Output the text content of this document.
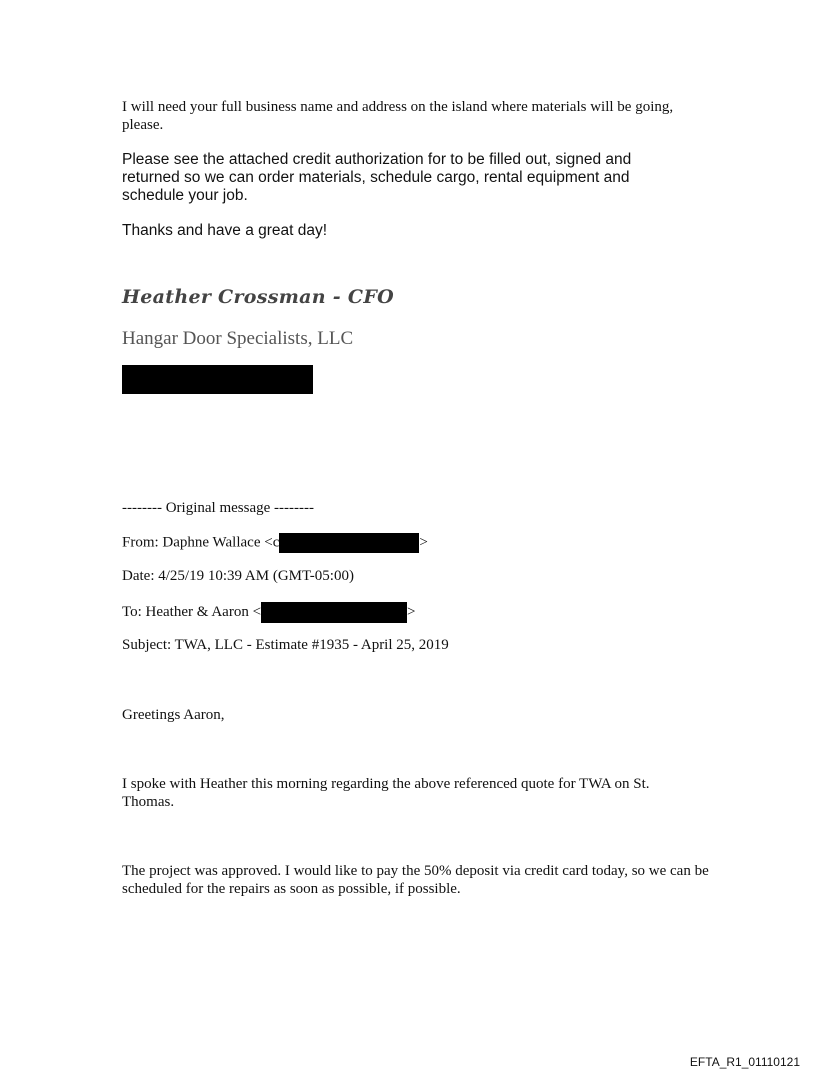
I will need your full business name and address on the island where materials will be going, please.
Please see the attached credit authorization for to be filled out, signed and returned so we can order materials, schedule cargo, rental equipment and schedule your job.
Thanks and have a great day!
Heather Crossman - CFO
Hangar Door Specialists, LLC
-------- Original message --------
From: Daphne Wallace <c	>
Date: 4/25/19 10:39 AM (GMT-05:00)
To: Heather & Aaron <	>
Subject: TWA, LLC - Estimate #1935 - April 25, 2019
Greetings Aaron,
I spoke with Heather this morning regarding the above referenced quote for TWA on St. Thomas.
The project was approved. I would like to pay the 50% deposit via credit card today, so we can be scheduled for the repairs as soon as possible, if possible.
EFTA_R1_01110121
